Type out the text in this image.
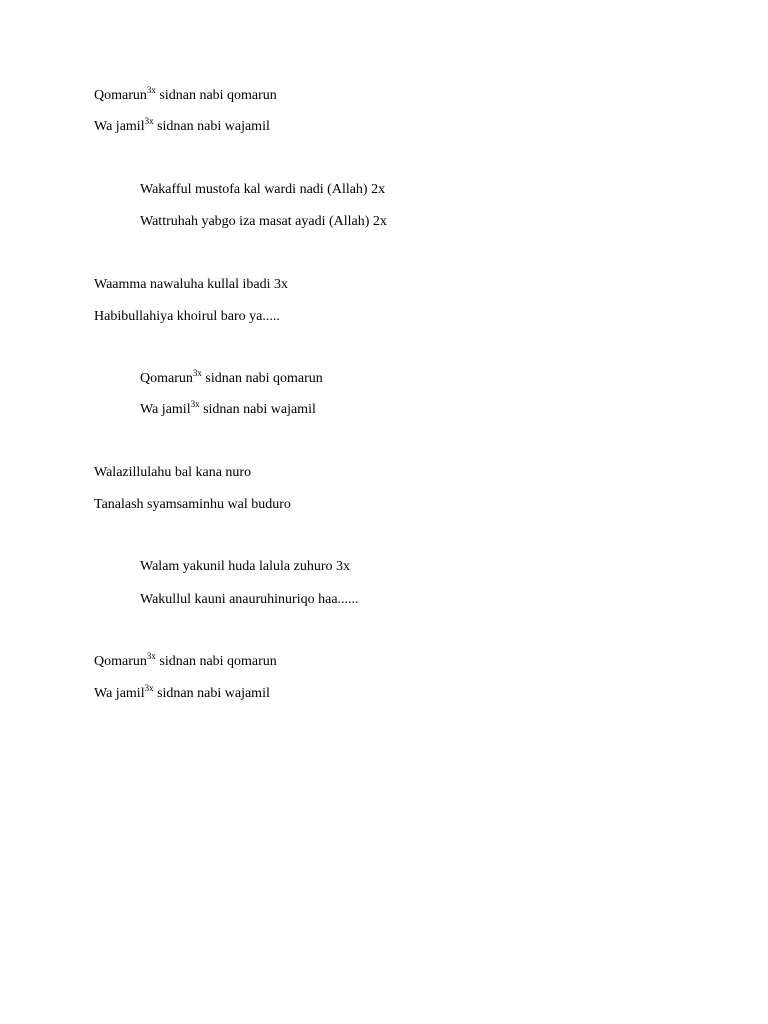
Qomarun$^{3x}$ sidnan nabi qomarun
Wa jamil$^{3x}$ sidnan nabi wajamil
Wakafful mustofa kal wardi nadi (Allah) 2x
Wattruhah yabgo iza masat ayadi (Allah) 2x
Waamma nawaluha kullal ibadi 3x
Habibullahiya khoirul baro ya.....
Qomarun$^{3x}$ sidnan nabi qomarun
Wa jamil$^{3x}$ sidnan nabi wajamil
Walazillulahu bal kana nuro
Tanalash syamsaminhu wal buduro
Walam yakunil huda lalula zuhuro 3x
Wakullul kauni anauruhinuriqo haa......
Qomarun$^{3x}$ sidnan nabi qomarun
Wa jamil$^{3x}$ sidnan nabi wajamil
